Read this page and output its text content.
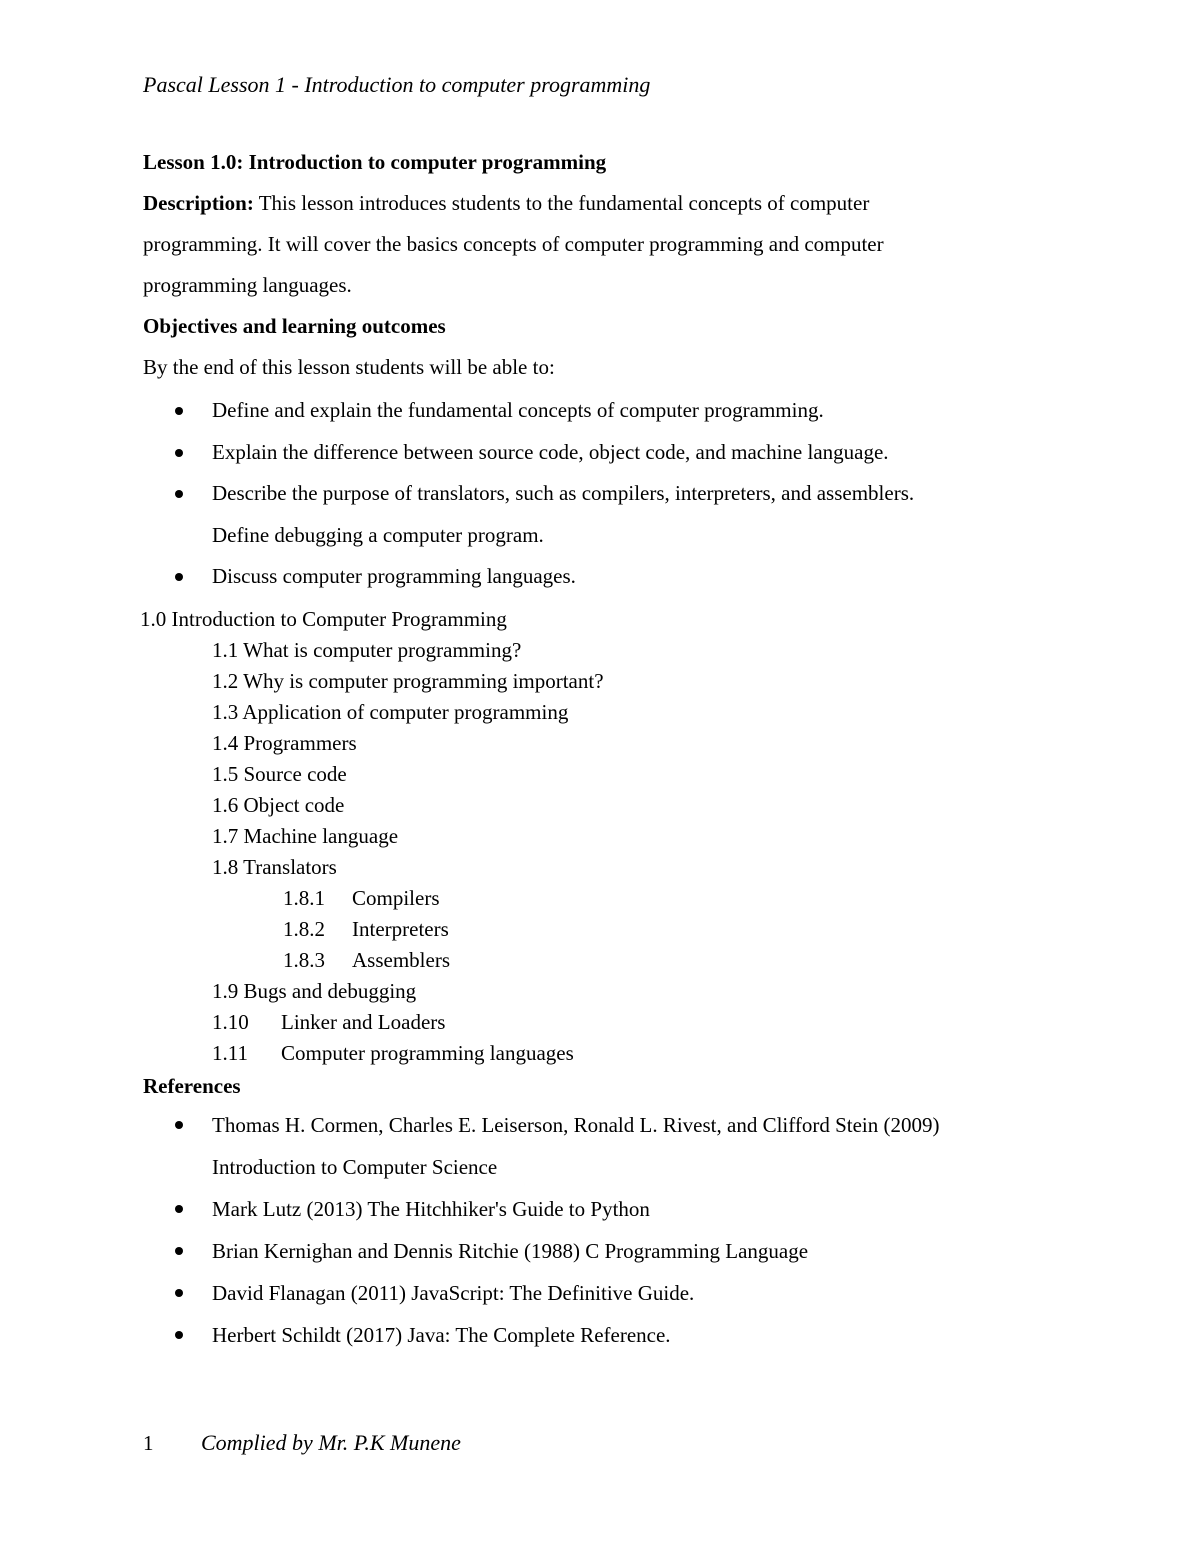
Pascal Lesson 1 - Introduction to computer programming
Lesson 1.0: Introduction to computer programming
Description: This lesson introduces students to the fundamental concepts of computer
programming. It will cover the basics concepts of computer programming and computer
programming languages.
Objectives and learning outcomes
By the end of this lesson students will be able to:
Define and explain the fundamental concepts of computer programming.
Explain the difference between source code, object code, and machine language.
Describe the purpose of translators, such as compilers, interpreters, and assemblers.
Define debugging a computer program.
Discuss computer programming languages.
1.0 Introduction to Computer Programming
1.1 What is computer programming?
1.2 Why is computer programming important?
1.3 Application of computer programming
1.4 Programmers
1.5 Source code
1.6 Object code
1.7 Machine language
1.8 Translators
1.8.1 Compilers
1.8.2 Interpreters
1.8.3 Assemblers
1.9 Bugs and debugging
1.10 Linker and Loaders
1.11 Computer programming languages
References
Thomas H. Cormen, Charles E. Leiserson, Ronald L. Rivest, and Clifford Stein (2009)
Introduction to Computer Science
Mark Lutz (2013) The Hitchhiker's Guide to Python
Brian Kernighan and Dennis Ritchie (1988) C Programming Language
David Flanagan (2011) JavaScript: The Definitive Guide.
Herbert Schildt (2017) Java: The Complete Reference.
1 Complied by Mr. P.K Munene
